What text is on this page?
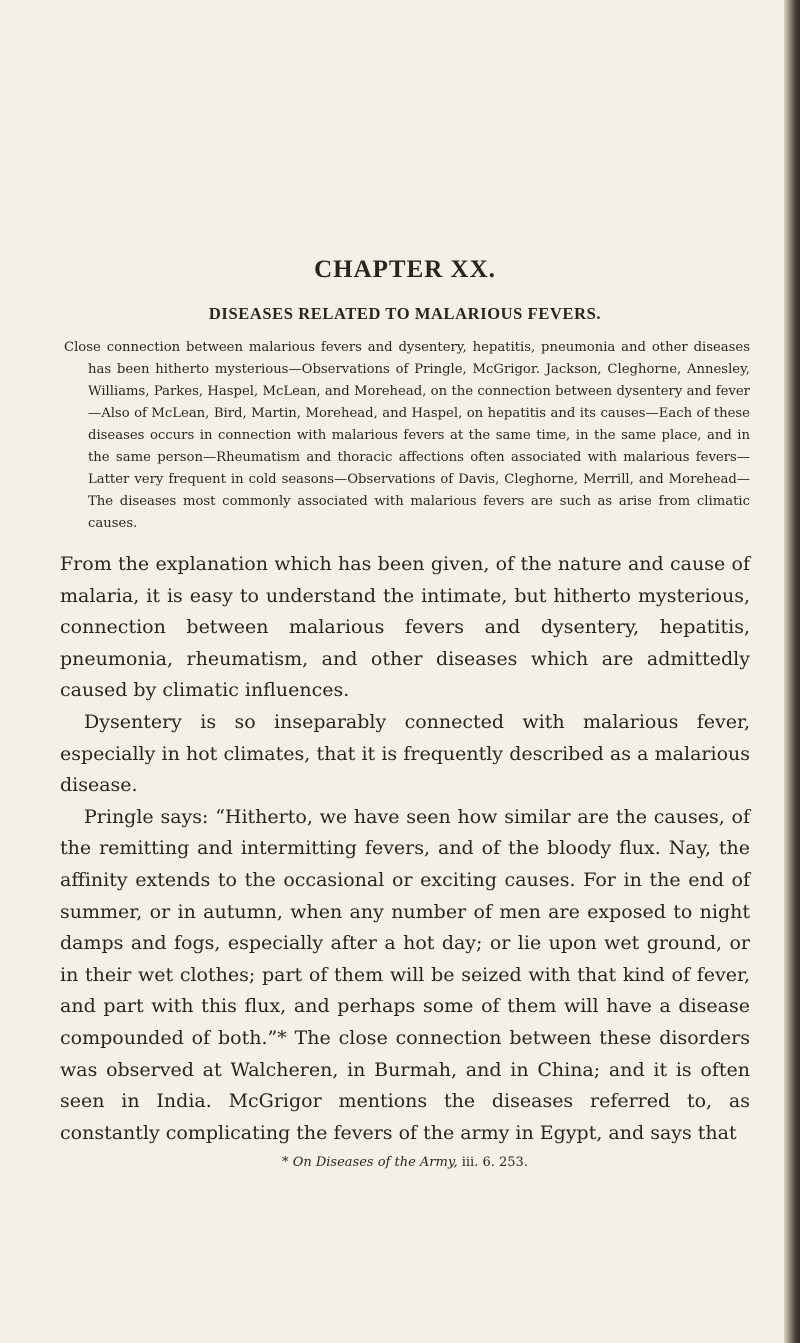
CHAPTER XX.
DISEASES RELATED TO MALARIOUS FEVERS.
Close connection between malarious fevers and dysentery, hepatitis, pneumonia and other diseases has been hitherto mysterious—Observations of Pringle, McGrigor. Jackson, Cleghorne, Annesley, Williams, Parkes, Haspel, McLean, and Morehead, on the connection between dysentery and fever—Also of McLean, Bird, Martin, Morehead, and Haspel, on hepatitis and its causes—Each of these diseases occurs in connection with malarious fevers at the same time, in the same place, and in the same person—Rheumatism and thoracic affections often associated with malarious fevers—Latter very frequent in cold seasons—Observations of Davis, Cleghorne, Merrill, and Morehead—The diseases most commonly associated with malarious fevers are such as arise from climatic causes.

From the explanation which has been given, of the nature and cause of malaria, it is easy to understand the intimate, but hitherto mysterious, connection between malarious fevers and dysentery, hepatitis, pneumonia, rheumatism, and other diseases which are admittedly caused by climatic influences.

Dysentery is so inseparably connected with malarious fever, especially in hot climates, that it is frequently described as a malarious disease.

Pringle says: “Hitherto, we have seen how similar are the causes, of the remitting and intermitting fevers, and of the bloody flux. Nay, the affinity extends to the occasional or exciting causes. For in the end of summer, or in autumn, when any number of men are exposed to night damps and fogs, especially after a hot day; or lie upon wet ground, or in their wet clothes; part of them will be seized with that kind of fever, and part with this flux, and perhaps some of them will have a disease compounded of both.”* The close connection between these disorders was observed at Walcheren, in Burmah, and in China; and it is often seen in India. McGrigor mentions the diseases referred to, as constantly complicating the fevers of the army in Egypt, and says that

* On Diseases of the Army, iii. 6. 253.
